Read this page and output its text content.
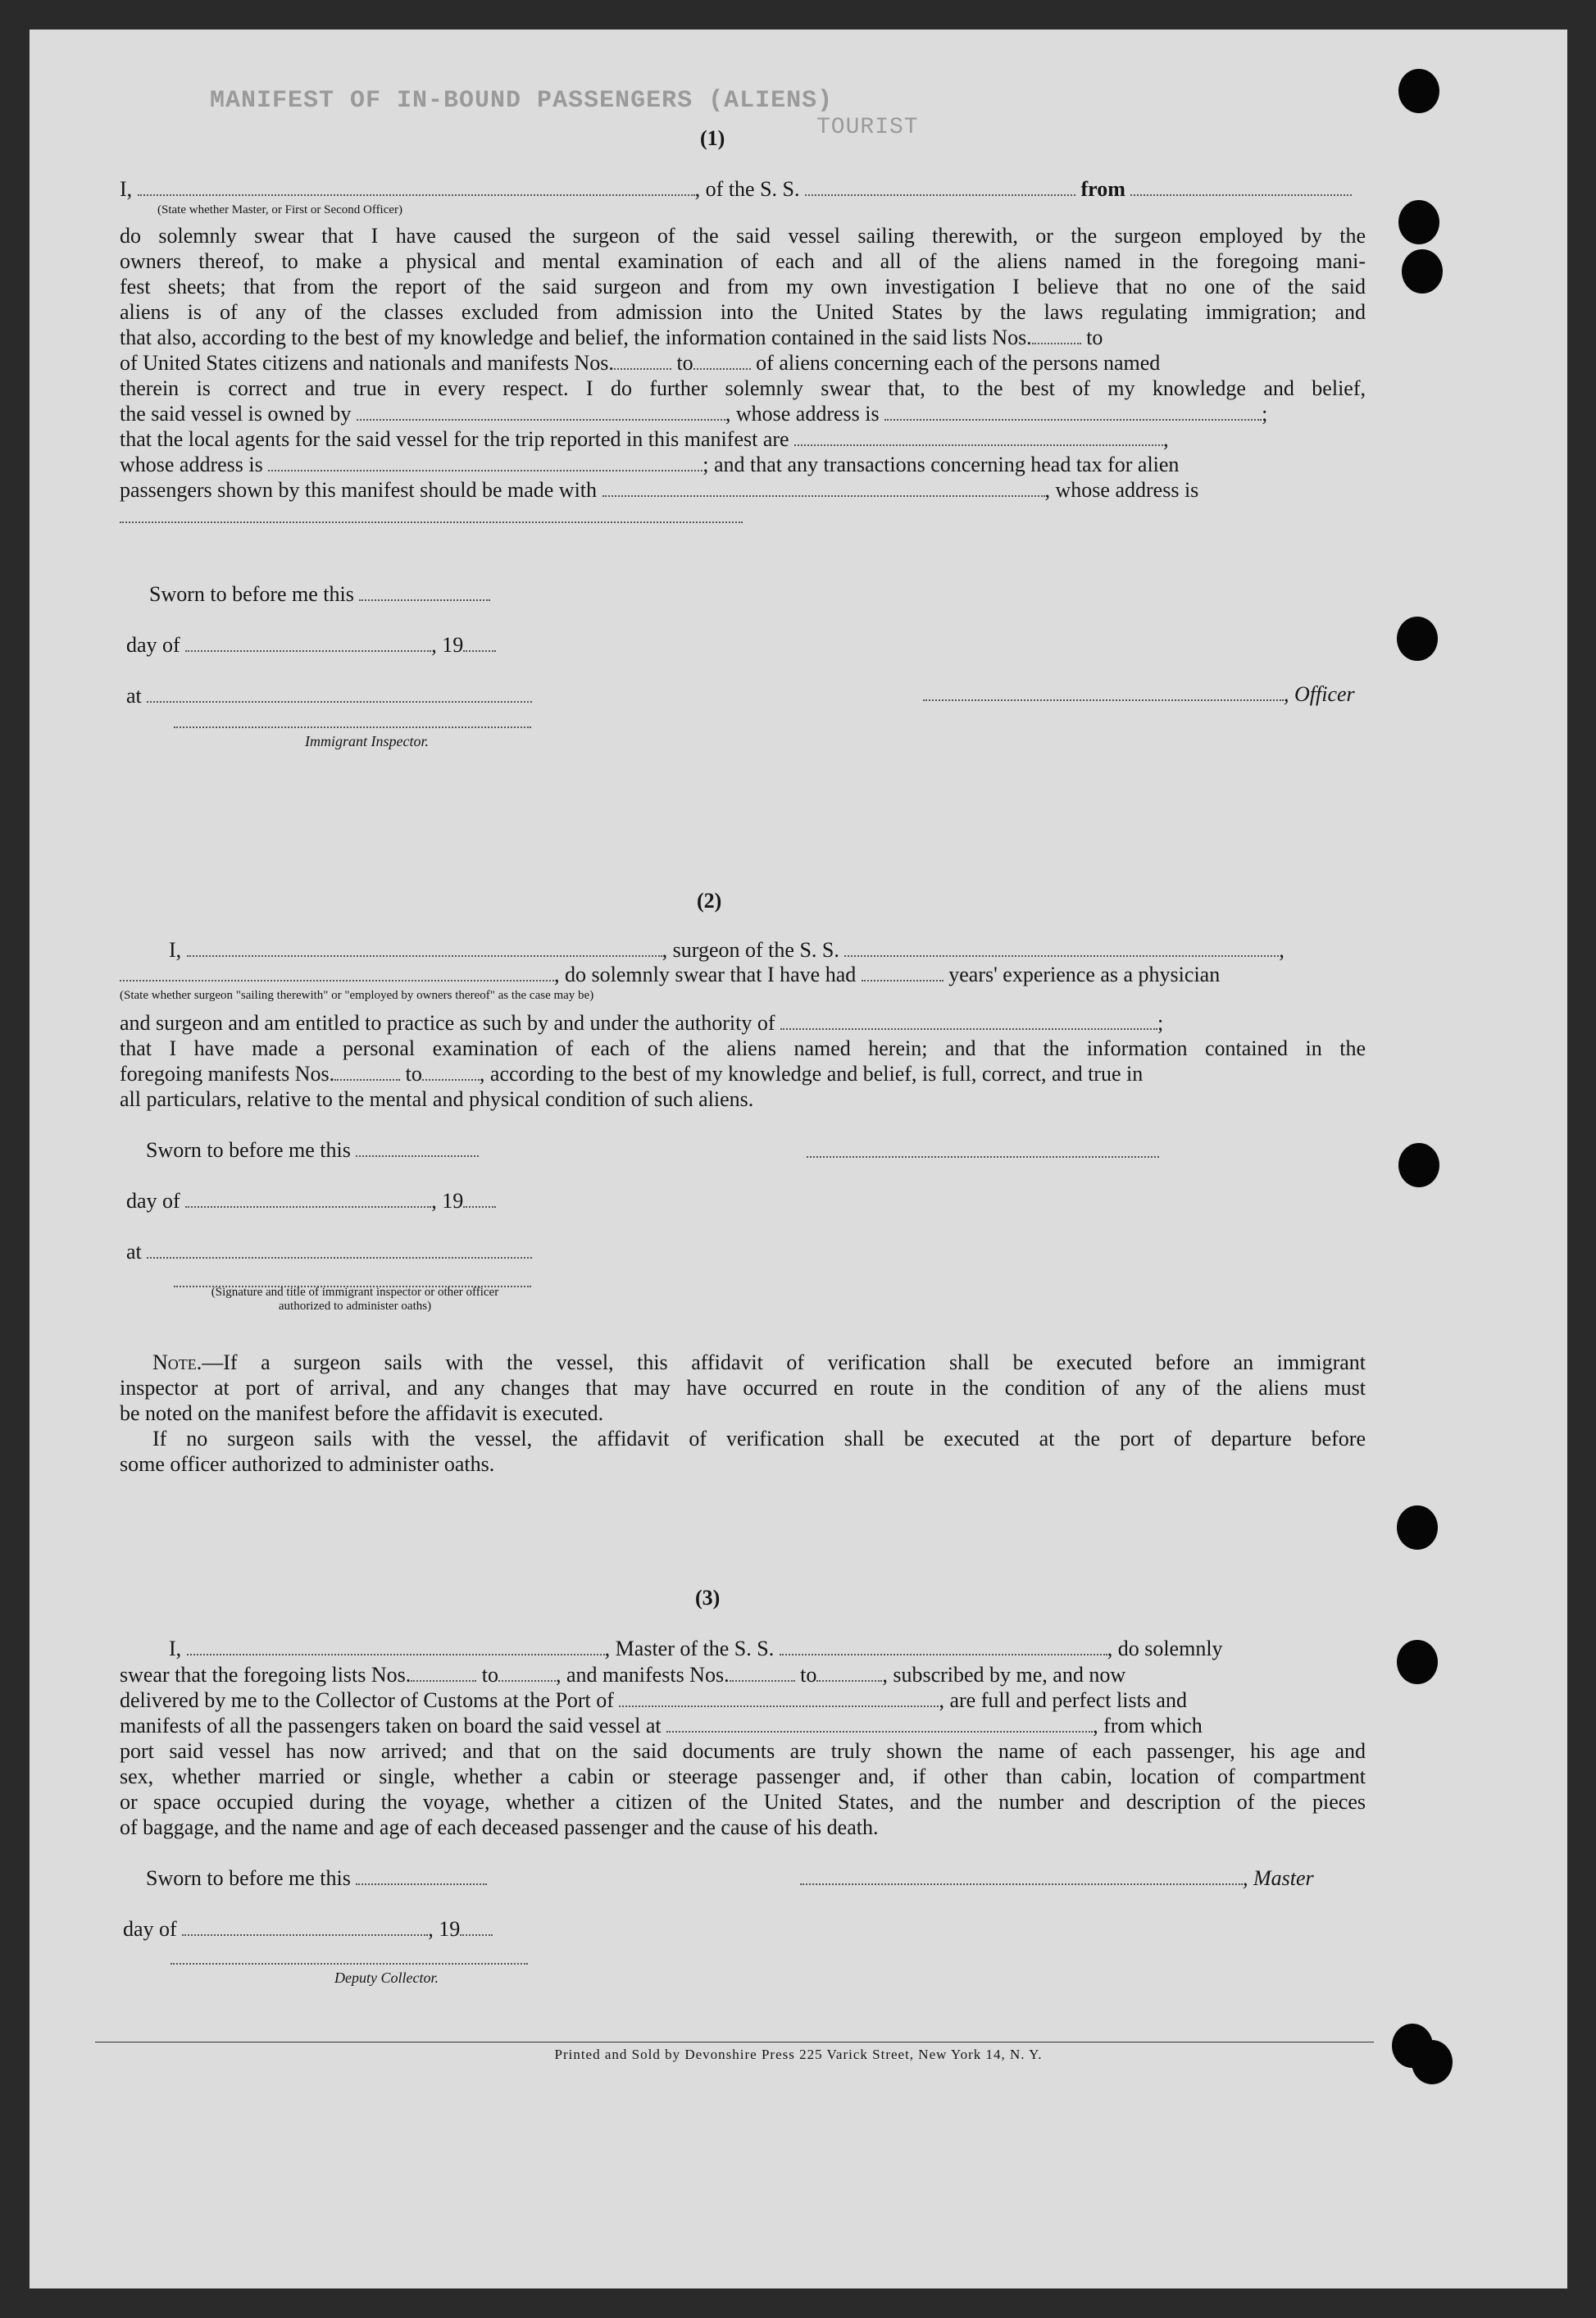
MANIFEST OF IN-BOUND PASSENGERS (ALIENS)
TOURIST
(1)
I,	, of the S. S.	from
(State whether Master, or First or Second Officer)
do solemnly swear that I have caused the surgeon of the said vessel sailing therewith, or the surgeon employed by the
owners thereof, to make a physical and mental examination of each and all of the aliens named in the foregoing mani-
fest sheets; that from the report of the said surgeon and from my own investigation I believe that no one of the said
aliens is of any of the classes excluded from admission into the United States by the laws regulating immigration; and
that also, according to the best of my knowledge and belief, the information contained in the said lists Nos.	to
of United States citizens and nationals and manifests Nos.	to	of aliens concerning each of the persons named
therein is correct and true in every respect. I do further solemnly swear that, to the best of my knowledge and belief,
the said vessel is owned by	, whose address is	;
that the local agents for the said vessel for the trip reported in this manifest are	,
whose address is	; and that any transactions concerning head tax for alien
passengers shown by this manifest should be made with	, whose address is
Sworn to before me this
day of	, 19
at	, Officer
Immigrant Inspector.
(2)
I,	, surgeon of the S. S.	,
, do solemnly swear that I have had	years' experience as a physician
(State whether surgeon "sailing therewith" or "employed by owners thereof" as the case may be)
and surgeon and am entitled to practice as such by and under the authority of	;
that I have made a personal examination of each of the aliens named herein; and that the information contained in the
foregoing manifests Nos.	to	, according to the best of my knowledge and belief, is full, correct, and true in
all particulars, relative to the mental and physical condition of such aliens.
Sworn to before me this
day of	, 19
at
(Signature and title of immigrant inspector or other officer authorized to administer oaths)
Note.—If a surgeon sails with the vessel, this affidavit of verification shall be executed before an immigrant
inspector at port of arrival, and any changes that may have occurred en route in the condition of any of the aliens must
be noted on the manifest before the affidavit is executed.
If no surgeon sails with the vessel, the affidavit of verification shall be executed at the port of departure before
some officer authorized to administer oaths.
(3)
I,	, Master of the S. S.	, do solemnly
swear that the foregoing lists Nos.	to	, and manifests Nos.	to	, subscribed by me, and now
delivered by me to the Collector of Customs at the Port of	, are full and perfect lists and
manifests of all the passengers taken on board the said vessel at	, from which
port said vessel has now arrived; and that on the said documents are truly shown the name of each passenger, his age and
sex, whether married or single, whether a cabin or steerage passenger and, if other than cabin, location of compartment
or space occupied during the voyage, whether a citizen of the United States, and the number and description of the pieces
of baggage, and the name and age of each deceased passenger and the cause of his death.
Sworn to before me this	, Master
day of	, 19
Deputy Collector.
Printed and Sold by Devonshire Press 225 Varick Street, New York 14, N. Y.
